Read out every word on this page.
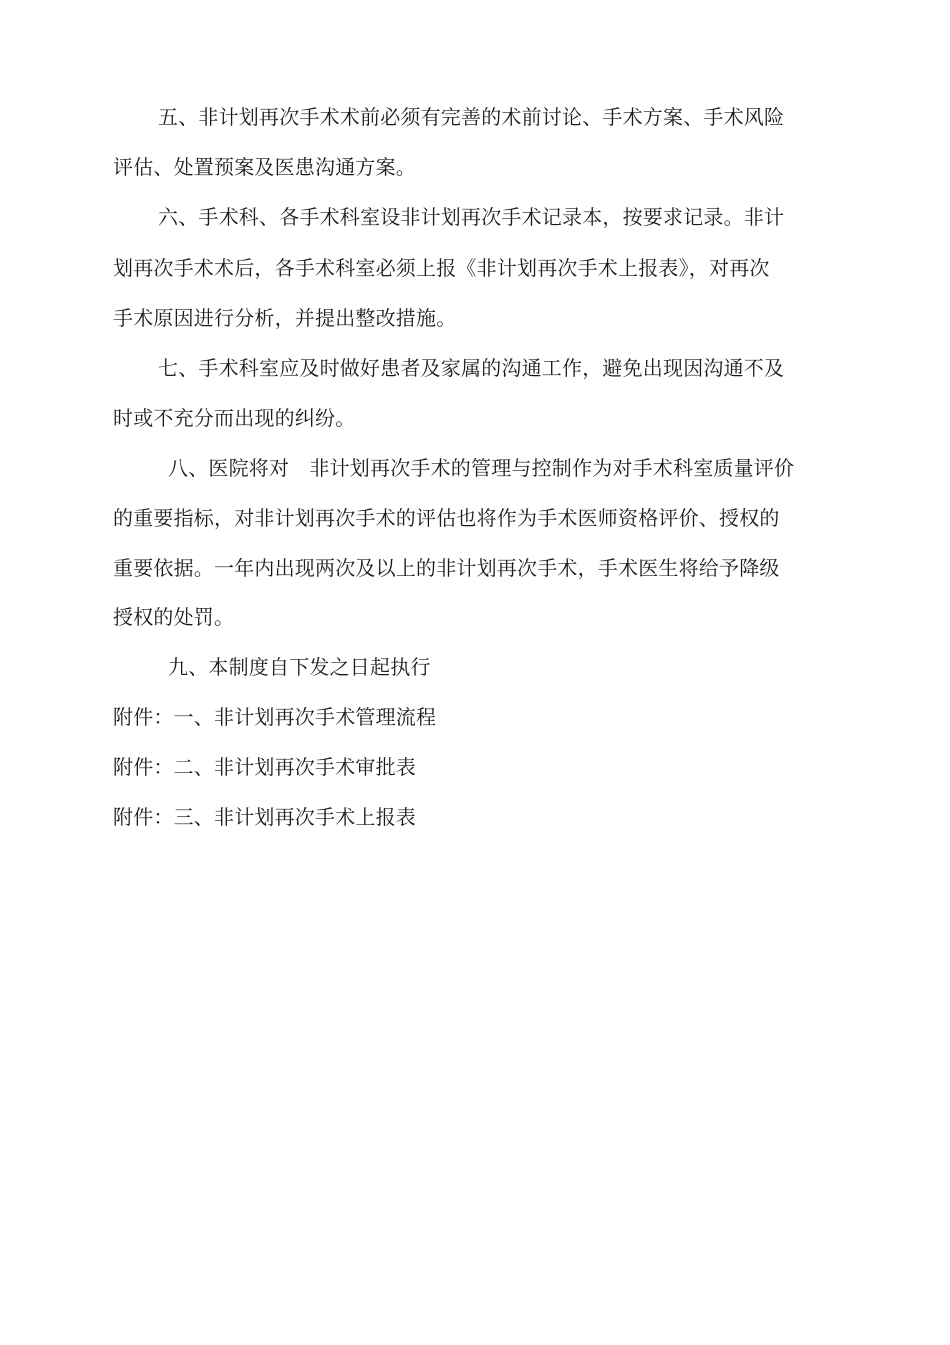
五、非计划再次手术术前必须有完善的术前讨论、手术方案、手术风险
评估、处置预案及医患沟通方案。
六、手术科、各手术科室设非计划再次手术记录本，按要求记录。非计
划再次手术术后，各手术科室必须上报《非计划再次手术上报表》，对再次
手术原因进行分析，并提出整改措施。
七、手术科室应及时做好患者及家属的沟通工作，避免出现因沟通不及
时或不充分而出现的纠纷。
八、医院将对　非计划再次手术的管理与控制作为对手术科室质量评价
的重要指标，对非计划再次手术的评估也将作为手术医师资格评价、授权的
重要依据。一年内出现两次及以上的非计划再次手术，手术医生将给予降级
授权的处罚。
九、本制度自下发之日起执行
附件：一、非计划再次手术管理流程
附件：二、非计划再次手术审批表
附件：三、非计划再次手术上报表
